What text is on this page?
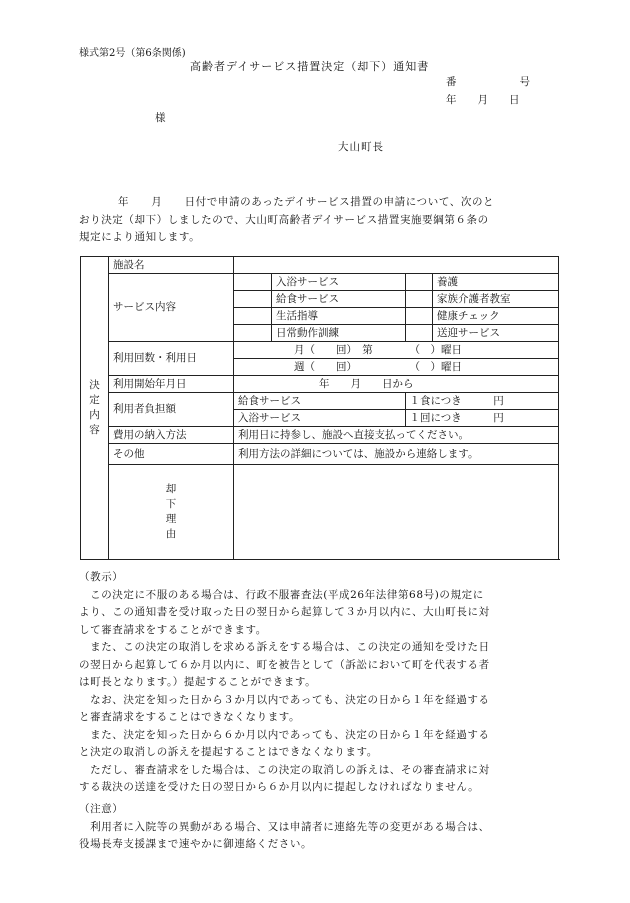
様式第2号（第6条関係)
高齢者デイサービス措置決定（却下）通知書
番　　　　　　号
年　　月　　日
様
大山町長

年　　月　　日付で申請のあったデイサービス措置の申請について、次のと

おり決定（却下）しましたので、大山町高齢者デイサービス措置実施要綱第６条の

規定により通知します。

決
定
内
容
	施設名	
サービス内容		入浴サービス		養護
	給食サービス		家族介護者教室
	生活指導		健康チェック
	日常動作訓練		送迎サービス
利用回数・利用日	月（　　回）　第　　　　（　）曜日
週（　　回）　　　　　　（　）曜日
利用開始年月日	年　　月　　日から
利用者負担額	
給食サービス	１食につき　　　円

入浴サービス	１回につき　　　円

費用の納入方法	利用日に持参し、施設へ直接支払ってください。
その他	利用方法の詳細については、施設から連絡します。

却
下
理
由

（教示）

　この決定に不服のある場合は、行政不服審査法(平成26年法律第68号)の規定に

より、この通知書を受け取った日の翌日から起算して３か月以内に、大山町長に対

して審査請求をすることができます。

　また、この決定の取消しを求める訴えをする場合は、この決定の通知を受けた日

の翌日から起算して６か月以内に、町を被告として（訴訟において町を代表する者

は町長となります。）提起することができます。

　なお、決定を知った日から３か月以内であっても、決定の日から１年を経過する

と審査請求をすることはできなくなります。

　また、決定を知った日から６か月以内であっても、決定の日から１年を経過する

と決定の取消しの訴えを提起することはできなくなります。

　ただし、審査請求をした場合は、この決定の取消しの訴えは、その審査請求に対

する裁決の送達を受けた日の翌日から６か月以内に提起しなければなりません。

（注意）

　利用者に入院等の異動がある場合、又は申請者に連絡先等の変更がある場合は、

役場長寿支援課まで速やかに御連絡ください。
